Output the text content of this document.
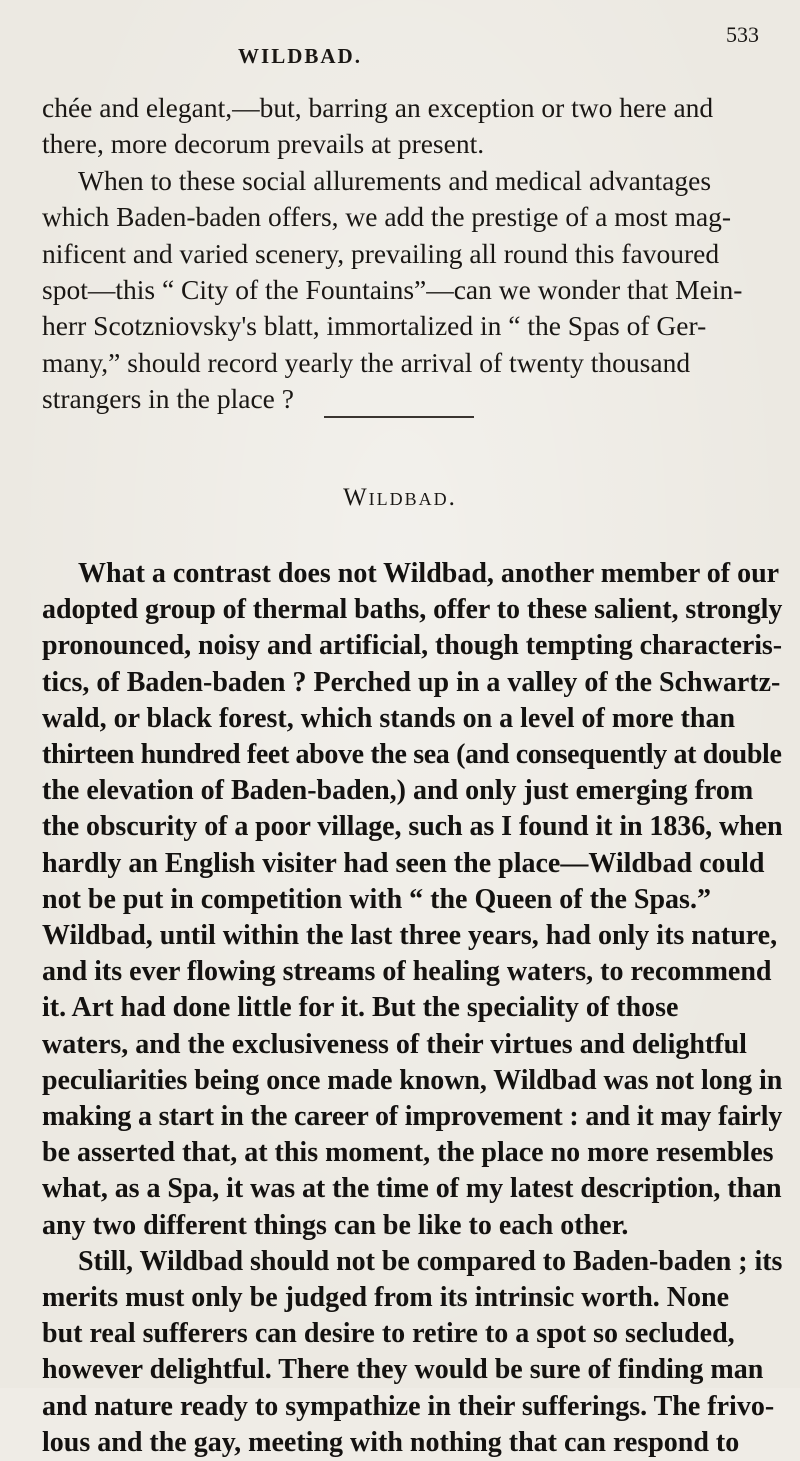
WILDBAD.
533
chée and elegant,—but, barring an exception or two here and
there, more decorum prevails at present.
When to these social allurements and medical advantages
which Baden-baden offers, we add the prestige of a most mag-
nificent and varied scenery, prevailing all round this favoured
spot—this “ City of the Fountains”—can we wonder that Mein-
herr Scotzniovsky's blatt, immortalized in “ the Spas of Ger-
many,” should record yearly the arrival of twenty thousand
strangers in the place ?
Wildbad.
What a contrast does not Wildbad, another member of our
adopted group of thermal baths, offer to these salient, strongly
pronounced, noisy and artificial, though tempting characteris-
tics, of Baden-baden ? Perched up in a valley of the Schwartz-
wald, or black forest, which stands on a level of more than
thirteen hundred feet above the sea (and consequently at double
the elevation of Baden-baden,) and only just emerging from
the obscurity of a poor village, such as I found it in 1836, when
hardly an English visiter had seen the place—Wildbad could
not be put in competition with “ the Queen of the Spas.”
Wildbad, until within the last three years, had only its nature,
and its ever flowing streams of healing waters, to recommend
it. Art had done little for it. But the speciality of those
waters, and the exclusiveness of their virtues and delightful
peculiarities being once made known, Wildbad was not long in
making a start in the career of improvement : and it may fairly
be asserted that, at this moment, the place no more resembles
what, as a Spa, it was at the time of my latest description, than
any two different things can be like to each other.
Still, Wildbad should not be compared to Baden-baden ; its
merits must only be judged from its intrinsic worth. None
but real sufferers can desire to retire to a spot so secluded,
however delightful. There they would be sure of finding man
and nature ready to sympathize in their sufferings. The frivo-
lous and the gay, meeting with nothing that can respond to
